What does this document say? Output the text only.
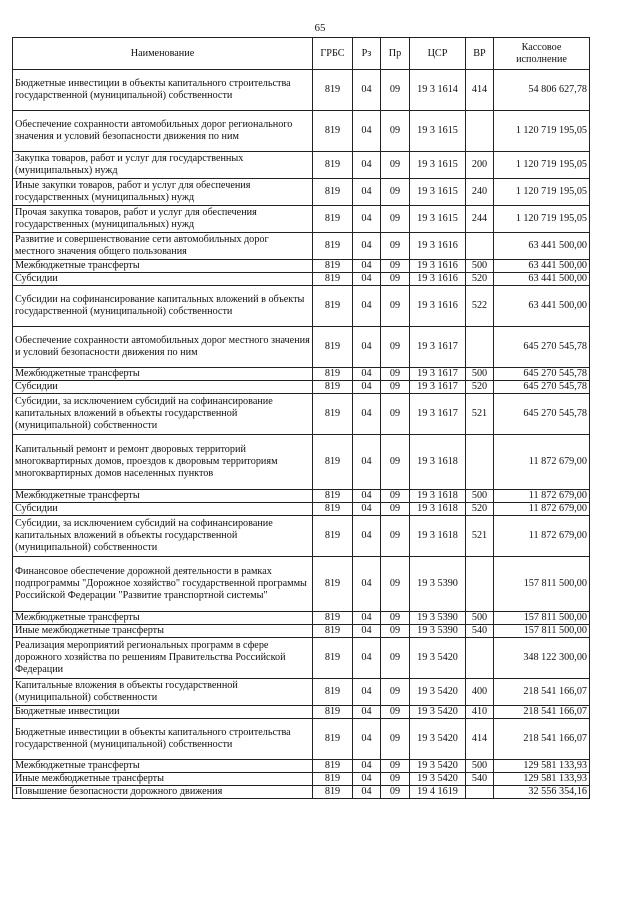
65
Наименование	ГРБС	Рз	Пр	ЦСР	ВР	Кассовое исполнение
Бюджетные инвестиции в объекты капитального строительства государственной (муниципальной) собственности	819	04	09	19 3 1614	414	54 806 627,78
Обеспечение сохранности автомобильных дорог регионального значения и условий безопасности движения по ним	819	04	09	19 3 1615		1 120 719 195,05
Закупка товаров, работ и услуг для государственных (муниципальных) нужд	819	04	09	19 3 1615	200	1 120 719 195,05
Иные закупки товаров, работ и услуг для обеспечения государственных (муниципальных) нужд	819	04	09	19 3 1615	240	1 120 719 195,05
Прочая закупка товаров, работ и услуг для обеспечения государственных (муниципальных) нужд	819	04	09	19 3 1615	244	1 120 719 195,05
Развитие и совершенствование сети автомобильных дорог местного значения общего пользования	819	04	09	19 3 1616		63 441 500,00
Межбюджетные трансферты	819	04	09	19 3 1616	500	63 441 500,00
Субсидии	819	04	09	19 3 1616	520	63 441 500,00
Субсидии на софинансирование капитальных вложений в объекты государственной (муниципальной) собственности	819	04	09	19 3 1616	522	63 441 500,00
Обеспечение сохранности автомобильных дорог местного значения и условий безопасности движения по ним	819	04	09	19 3 1617		645 270 545,78
Межбюджетные трансферты	819	04	09	19 3 1617	500	645 270 545,78
Субсидии	819	04	09	19 3 1617	520	645 270 545,78
Субсидии, за исключением субсидий на софинансирование капитальных вложений в объекты государственной (муниципальной) собственности	819	04	09	19 3 1617	521	645 270 545,78
Капитальный ремонт и ремонт дворовых территорий многоквартирных домов, проездов к дворовым территориям многоквартирных домов населенных пунктов	819	04	09	19 3 1618		11 872 679,00
Межбюджетные трансферты	819	04	09	19 3 1618	500	11 872 679,00
Субсидии	819	04	09	19 3 1618	520	11 872 679,00
Субсидии, за исключением субсидий на софинансирование капитальных вложений в объекты государственной (муниципальной) собственности	819	04	09	19 3 1618	521	11 872 679,00
Финансовое обеспечение дорожной деятельности в рамках подпрограммы "Дорожное хозяйство" государственной программы Российской Федерации "Развитие транспортной системы"	819	04	09	19 3 5390		157 811 500,00
Межбюджетные трансферты	819	04	09	19 3 5390	500	157 811 500,00
Иные межбюджетные трансферты	819	04	09	19 3 5390	540	157 811 500,00
Реализация мероприятий региональных программ в сфере дорожного хозяйства по решениям Правительства Российской Федерации	819	04	09	19 3 5420		348 122 300,00
Капитальные вложения в объекты государственной (муниципальной) собственности	819	04	09	19 3 5420	400	218 541 166,07
Бюджетные инвестиции	819	04	09	19 3 5420	410	218 541 166,07
Бюджетные инвестиции в объекты капитального строительства государственной (муниципальной) собственности	819	04	09	19 3 5420	414	218 541 166,07
Межбюджетные трансферты	819	04	09	19 3 5420	500	129 581 133,93
Иные межбюджетные трансферты	819	04	09	19 3 5420	540	129 581 133,93
Повышение безопасности дорожного движения	819	04	09	19 4 1619		32 556 354,16
